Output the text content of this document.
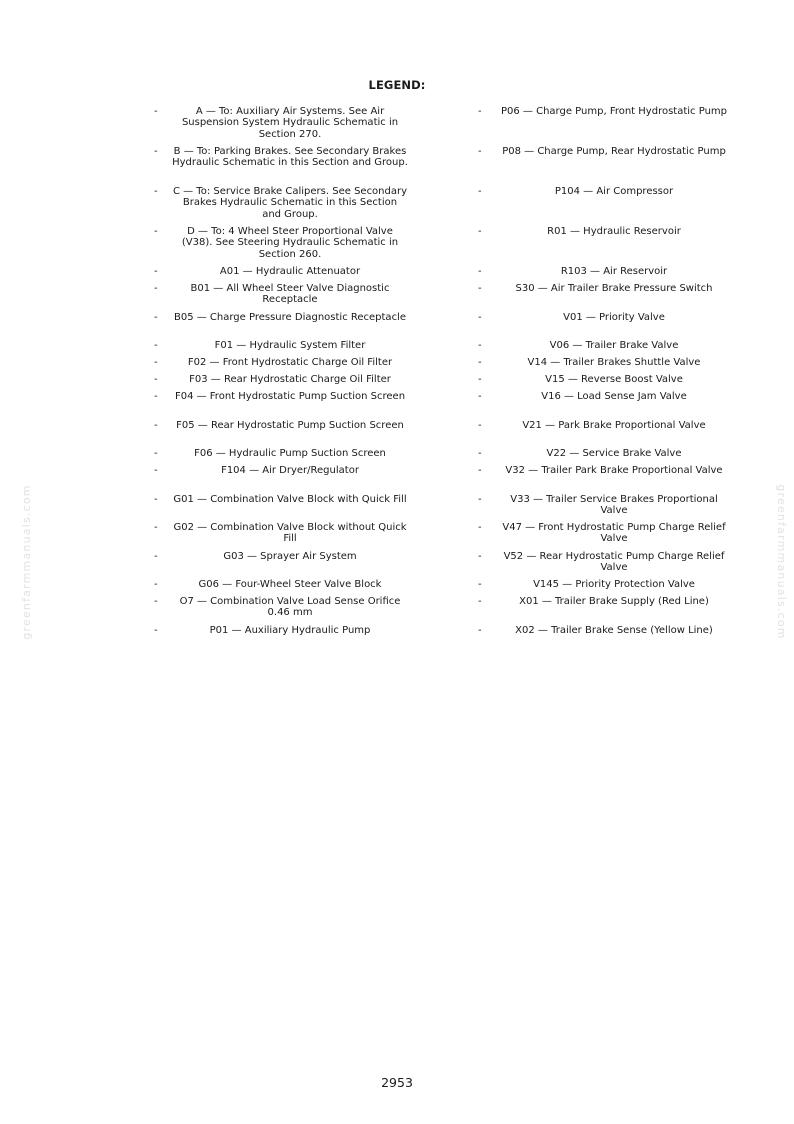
LEGEND:
-	A — To: Auxiliary Air Systems. See Air Suspension System Hydraulic Schematic in Section 270.
- B — To: Parking Brakes. See Secondary Brakes Hydraulic Schematic in this Section and Group.
- C — To: Service Brake Calipers. See Secondary Brakes Hydraulic Schematic in this Section and Group.
-	D — To: 4 Wheel Steer Proportional Valve (V38). See Steering Hydraulic Schematic in Section 260.
-	A01 — Hydraulic Attenuator
-	B01 — All Wheel Steer Valve Diagnostic Receptacle
- B05 — Charge Pressure Diagnostic Receptacle
-	F01 — Hydraulic System Filter
-	F02 — Front Hydrostatic Charge Oil Filter
-	F03 — Rear Hydrostatic Charge Oil Filter
- F04 — Front Hydrostatic Pump Suction Screen
-	F05 — Rear Hydrostatic Pump Suction Screen
-	F06 — Hydraulic Pump Suction Screen
-	F104 — Air Dryer/Regulator
- G01 — Combination Valve Block with Quick Fill
- G02 — Combination Valve Block without Quick Fill
-	G03 — Sprayer Air System
-	G06 — Four-Wheel Steer Valve Block
-	O7 — Combination Valve Load Sense Orifice 0.46 mm
-	P01 — Auxiliary Hydraulic Pump
-	P06 — Charge Pump, Front Hydrostatic Pump
-	P08 — Charge Pump, Rear Hydrostatic Pump
-	P104 — Air Compressor
-	R01 — Hydraulic Reservoir
-	R103 — Air Reservoir
-	S30 — Air Trailer Brake Pressure Switch
-	V01 — Priority Valve
-	V06 — Trailer Brake Valve
-	V14 — Trailer Brakes Shuttle Valve
-	V15 — Reverse Boost Valve
-	V16 — Load Sense Jam Valve
-	V21 — Park Brake Proportional Valve
-	V22 — Service Brake Valve
-	V32 — Trailer Park Brake Proportional Valve
-	V33 — Trailer Service Brakes Proportional Valve
-	V47 — Front Hydrostatic Pump Charge Relief Valve
-	V52 — Rear Hydrostatic Pump Charge Relief Valve
-	V145 — Priority Protection Valve
-	X01 — Trailer Brake Supply (Red Line)
-	X02 — Trailer Brake Sense (Yellow Line)
greenfarmmanuals.com	greenfarmmanuals.com
2953
